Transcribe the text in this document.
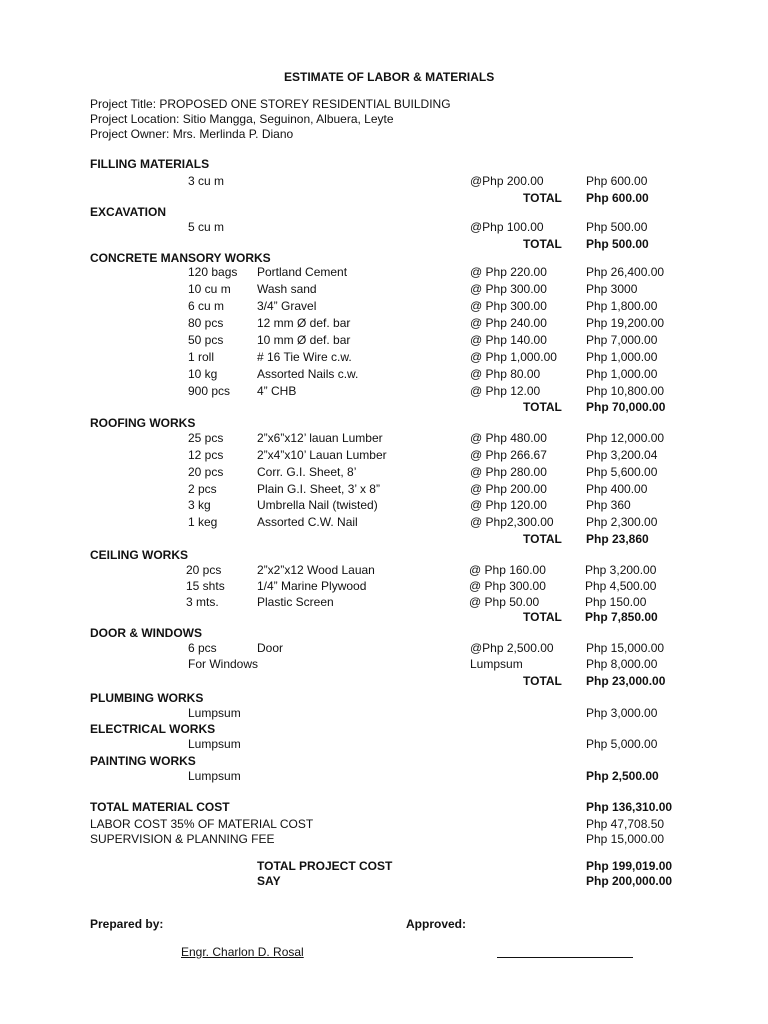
ESTIMATE OF LABOR & MATERIALS
Project Title: PROPOSED ONE STOREY RESIDENTIAL BUILDING
Project Location: Sitio Mangga, Seguinon, Albuera, Leyte
Project Owner: Mrs. Merlinda P. Diano
FILLING MATERIALS
3 cu m	@Php 200.00	Php 600.00
TOTAL Php 600.00
EXCAVATION
5 cu m	@Php 100.00	Php 500.00
TOTAL Php 500.00
CONCRETE MANSORY WORKS
120 bags Portland Cement	@ Php 220.00	Php 26,400.00
10 cu m Wash sand	@ Php 300.00	Php 3000
6 cu m	3/4” Gravel	@ Php 300.00	Php 1,800.00
80 pcs	12 mm Ø def. bar	@ Php 240.00	Php 19,200.00
50 pcs	10 mm Ø def. bar	@ Php 140.00	Php 7,000.00
1 roll	# 16 Tie Wire c.w.	@ Php 1,000.00 Php 1,000.00
10 kg	Assorted Nails c.w.	@ Php 80.00	Php 1,000.00
900 pcs 4” CHB	@ Php 12.00	Php 10,800.00
TOTAL Php 70,000.00
ROOFING WORKS
25 pcs	2”x6”x12’ lauan Lumber	@ Php 480.00	Php 12,000.00
12 pcs	2”x4”x10’ Lauan Lumber	@ Php 266.67	Php 3,200.04
20 pcs	Corr. G.I. Sheet, 8’	@ Php 280.00	Php 5,600.00
2 pcs	Plain G.I. Sheet, 3’ x 8”	@ Php 200.00	Php 400.00
3 kg	Umbrella Nail (twisted)	@ Php 120.00	Php 360
1 keg	Assorted C.W. Nail	@ Php2,300.00	Php 2,300.00
TOTAL Php 23,860
CEILING WORKS
20 pcs	2”x2”x12 Wood Lauan	@ Php 160.00	Php 3,200.00
15 shts	1/4” Marine Plywood	@ Php 300.00	Php 4,500.00
3 mts.	Plastic Screen	@ Php 50.00	Php 150.00
TOTAL Php 7,850.00
DOOR & WINDOWS
6 pcs	Door	@Php 2,500.00	Php 15,000.00
For Windows	Lumpsum	Php 8,000.00
TOTAL Php 23,000.00
PLUMBING WORKS
Lumpsum	Php 3,000.00
ELECTRICAL WORKS
Lumpsum	Php 5,000.00
PAINTING WORKS
Lumpsum	Php 2,500.00
TOTAL MATERIAL COST	Php 136,310.00
LABOR COST 35% OF MATERIAL COST	Php 47,708.50
SUPERVISION & PLANNING FEE	Php 15,000.00
TOTAL PROJECT COST	Php 199,019.00
SAY	Php 200,000.00
Prepared by:	Approved:
Engr. Charlon D. Rosal
